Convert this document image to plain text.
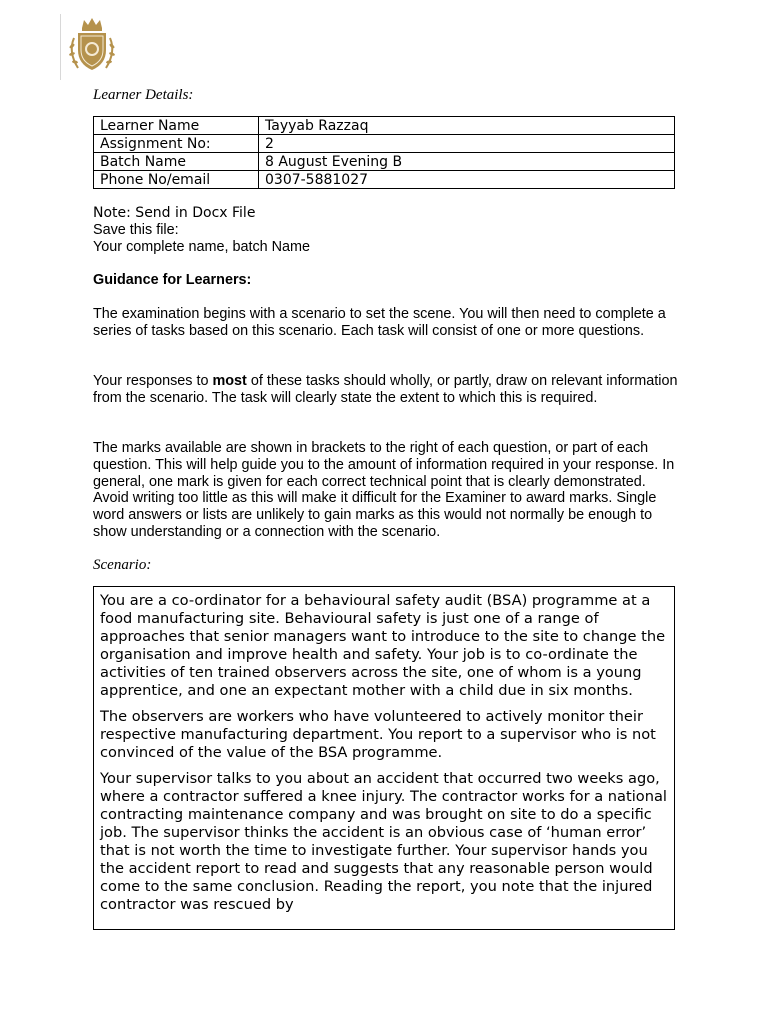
Learner Details:
Learner Name	Tayyab Razzaq
Assignment No:	2
Batch Name	8 August Evening B
Phone No/email	0307-5881027
Note: Send in Docx File
Save this file:
Your complete name, batch Name
Guidance for Learners:
The examination begins with a scenario to set the scene. You will then need to complete a series of tasks based on this scenario. Each task will consist of one or more questions.
Your responses to most of these tasks should wholly, or partly, draw on relevant information from the scenario. The task will clearly state the extent to which this is required.
The marks available are shown in brackets to the right of each question, or part of each question. This will help guide you to the amount of information required in your response. In general, one mark is given for each correct technical point that is clearly demonstrated. Avoid writing too little as this will make it difficult for the Examiner to award marks. Single word answers or lists are unlikely to gain marks as this would not normally be enough to show understanding or a connection with the scenario.
Scenario:

You are a co-ordinator for a behavioural safety audit (BSA) programme at a food manufacturing site. Behavioural safety is just one of a range of approaches that senior managers want to introduce to the site to change the organisation and improve health and safety. Your job is to co-ordinate the activities of ten trained observers across the site, one of whom is a young apprentice, and one an expectant mother with a child due in six months.

The observers are workers who have volunteered to actively monitor their respective manufacturing department. You report to a supervisor who is not convinced of the value of the BSA programme.

Your supervisor talks to you about an accident that occurred two weeks ago, where a contractor suffered a knee injury. The contractor works for a national contracting maintenance company and was brought on site to do a specific job. The supervisor thinks the accident is an obvious case of ‘human error’ that is not worth the time to investigate further. Your supervisor hands you the accident report to read and suggests that any reasonable person would come to the same conclusion. Reading the report, you note that the injured contractor was rescued by
